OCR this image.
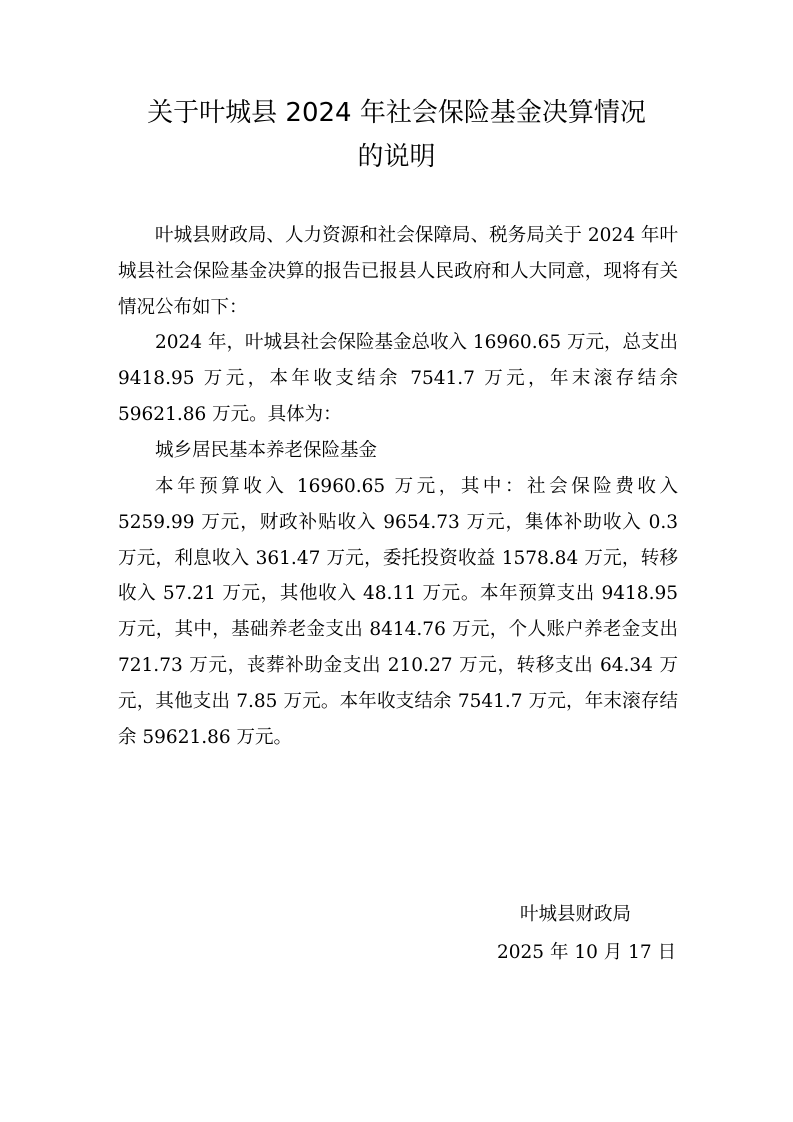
关于叶城县 2024 年社会保险基金决算情况
的说明

叶城县财政局、人力资源和社会保障局、税务局关于 2024 年叶城县社会保险基金决算的报告已报县人民政府和人大同意，现将有关情况公布如下：

2024 年，叶城县社会保险基金总收入 16960.65 万元，总支出 9418.95 万元，本年收支结余 7541.7 万元，年末滚存结余 59621.86 万元。具体为：

城乡居民基本养老保险基金

本年预算收入 16960.65 万元，其中：社会保险费收入 5259.99 万元，财政补贴收入 9654.73 万元，集体补助收入 0.3 万元，利息收入 361.47 万元，委托投资收益 1578.84 万元，转移收入 57.21 万元，其他收入 48.11 万元。本年预算支出 9418.95 万元，其中，基础养老金支出 8414.76 万元，个人账户养老金支出 721.73 万元，丧葬补助金支出 210.27 万元，转移支出 64.34 万元，其他支出 7.85 万元。本年收支结余 7541.7 万元，年末滚存结余 59621.86 万元。

叶城县财政局
2025 年 10 月 17 日
